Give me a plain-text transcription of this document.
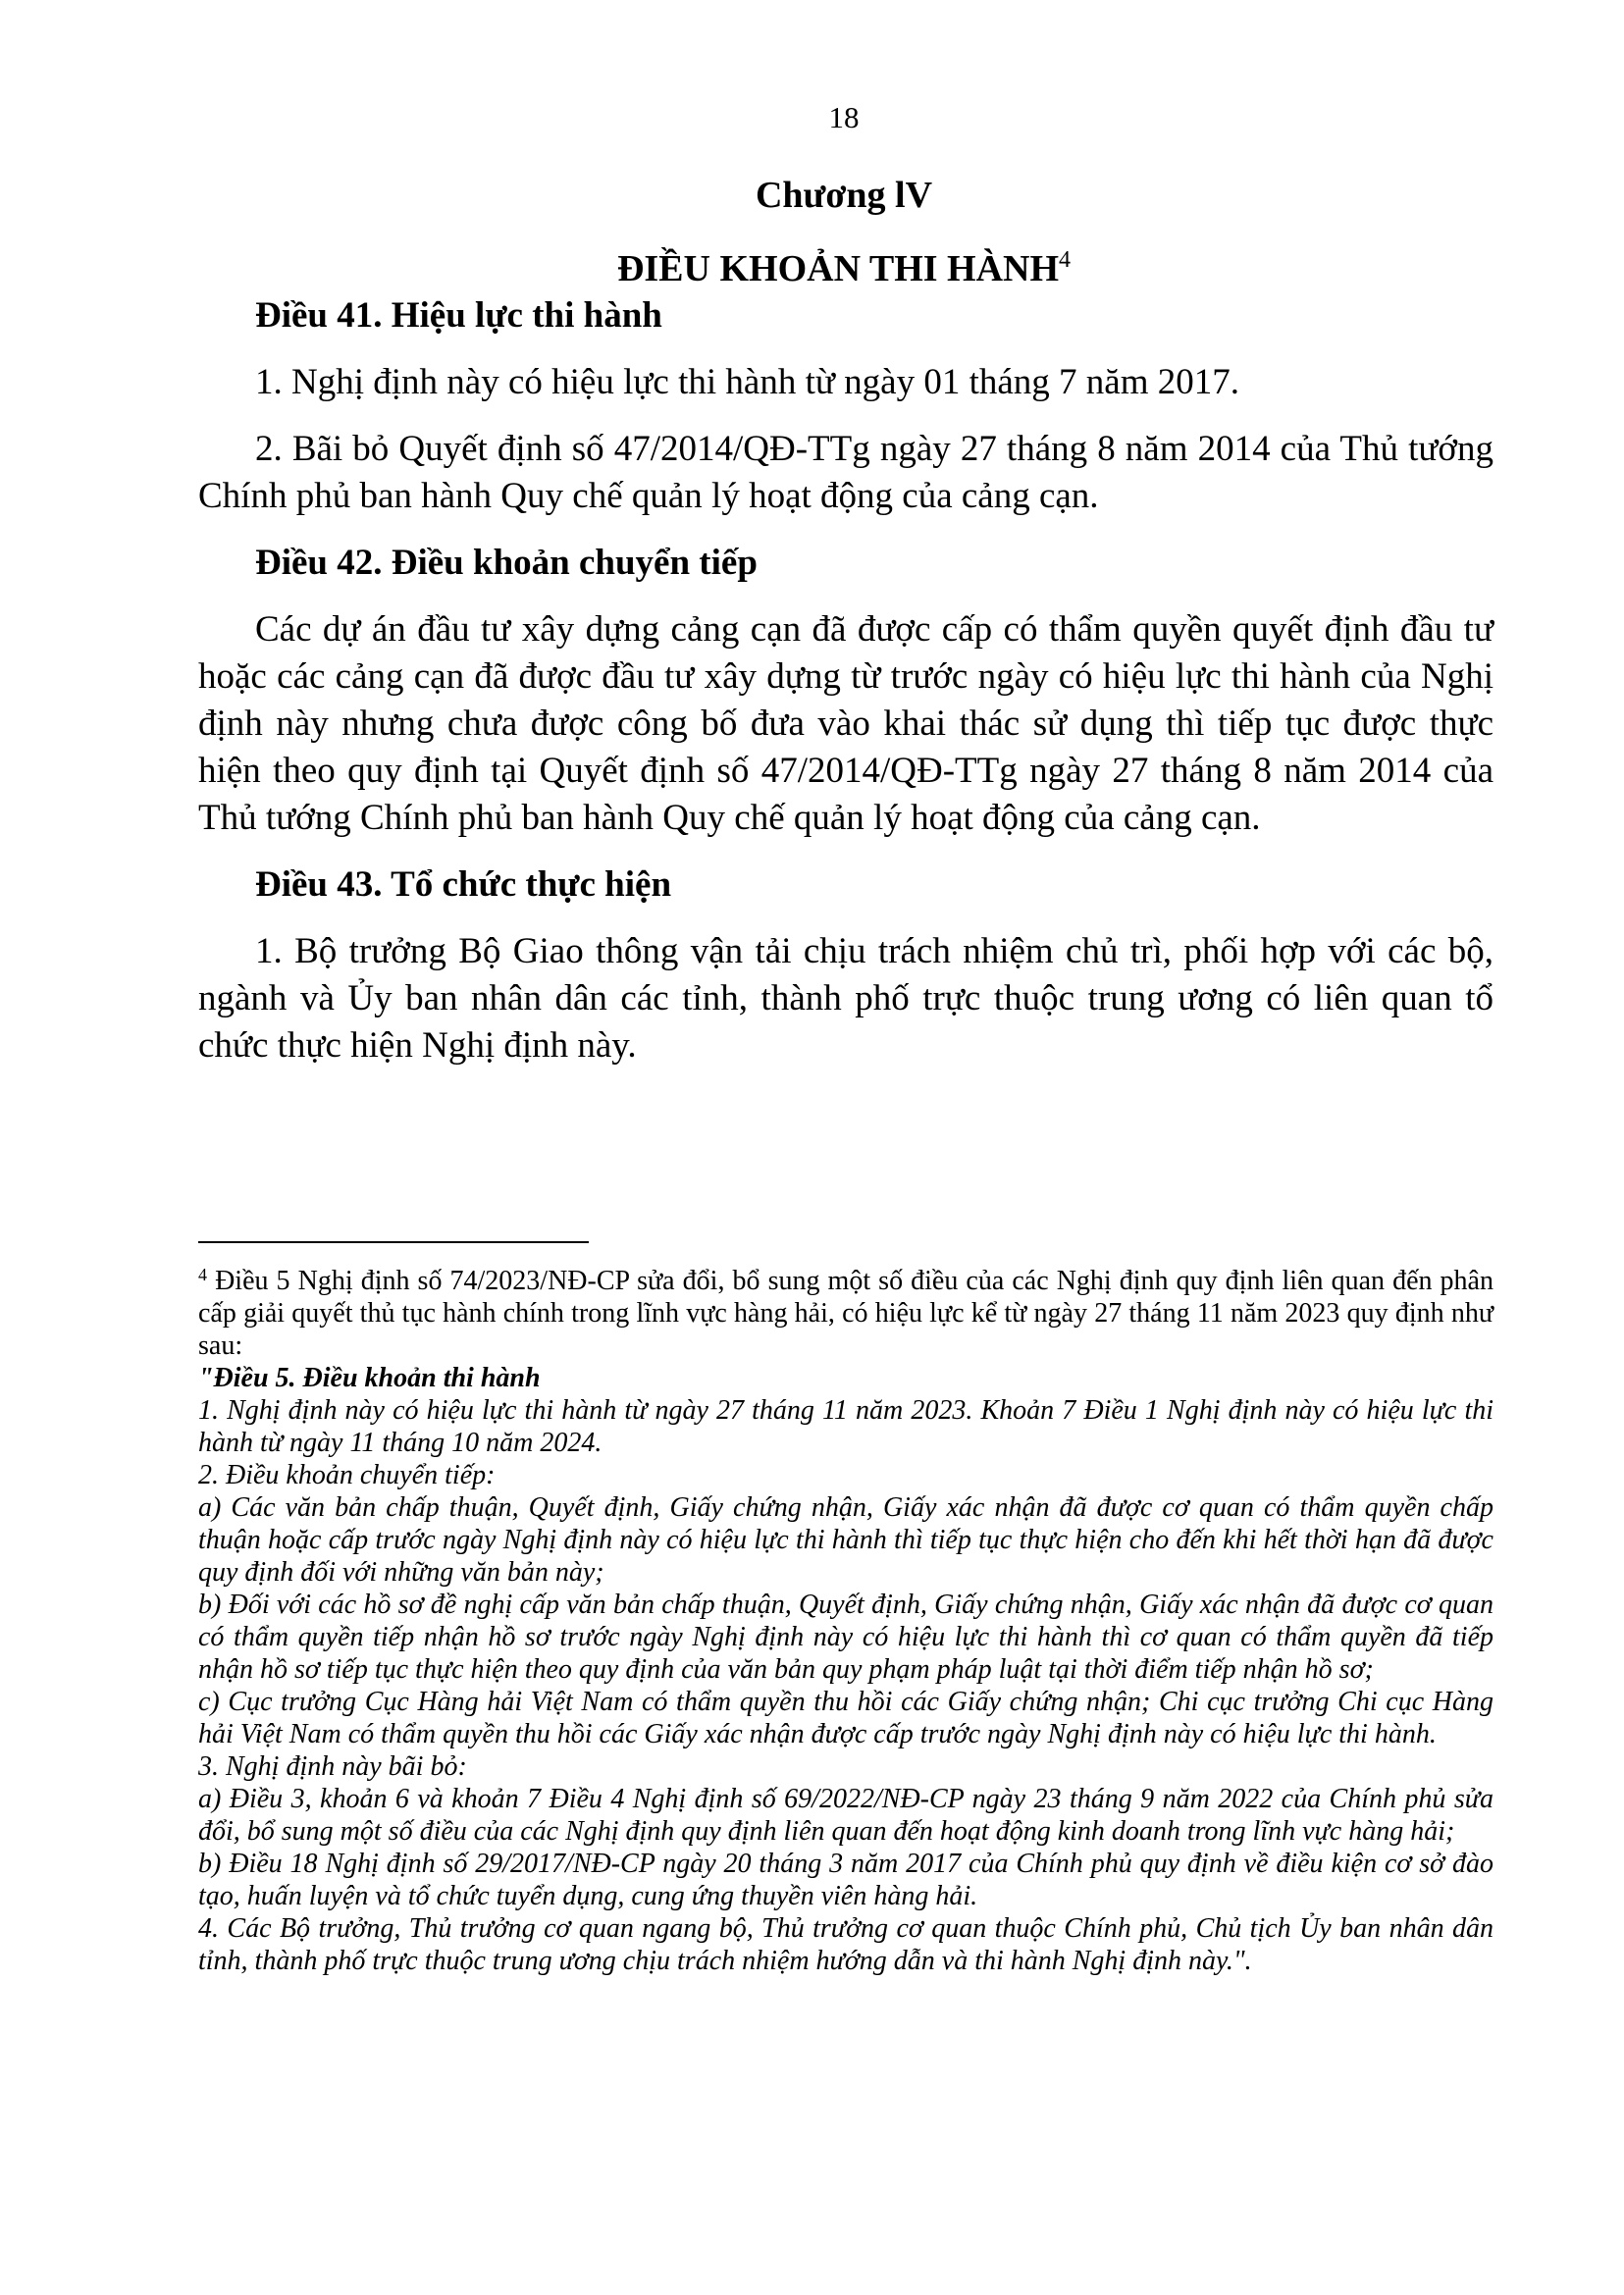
18
Chương lV
ĐIỀU KHOẢN THI HÀNH$^4$
Điều 41. Hiệu lực thi hành

1. Nghị định này có hiệu lực thi hành từ ngày 01 tháng 7 năm 2017.

2. Bãi bỏ Quyết định số 47/2014/QĐ-TTg ngày 27 tháng 8 năm 2014 của Thủ tướng Chính phủ ban hành Quy chế quản lý hoạt động của cảng cạn.

Điều 42. Điều khoản chuyển tiếp

Các dự án đầu tư xây dựng cảng cạn đã được cấp có thẩm quyền quyết định đầu tư hoặc các cảng cạn đã được đầu tư xây dựng từ trước ngày có hiệu lực thi hành của Nghị định này nhưng chưa được công bố đưa vào khai thác sử dụng thì tiếp tục được thực hiện theo quy định tại Quyết định số 47/2014/QĐ-TTg ngày 27 tháng 8 năm 2014 của Thủ tướng Chính phủ ban hành Quy chế quản lý hoạt động của cảng cạn.

Điều 43. Tổ chức thực hiện

1. Bộ trưởng Bộ Giao thông vận tải chịu trách nhiệm chủ trì, phối hợp với các bộ, ngành và Ủy ban nhân dân các tỉnh, thành phố trực thuộc trung ương có liên quan tổ chức thực hiện Nghị định này.

$^4$ Điều 5 Nghị định số 74/2023/NĐ-CP sửa đổi, bổ sung một số điều của các Nghị định quy định liên quan đến phân cấp giải quyết thủ tục hành chính trong lĩnh vực hàng hải, có hiệu lực kể từ ngày 27 tháng 11 năm 2023 quy định như sau:

"Điều 5. Điều khoản thi hành

1. Nghị định này có hiệu lực thi hành từ ngày 27 tháng 11 năm 2023. Khoản 7 Điều 1 Nghị định này có hiệu lực thi hành từ ngày 11 tháng 10 năm 2024.

2. Điều khoản chuyển tiếp:

a) Các văn bản chấp thuận, Quyết định, Giấy chứng nhận, Giấy xác nhận đã được cơ quan có thẩm quyền chấp thuận hoặc cấp trước ngày Nghị định này có hiệu lực thi hành thì tiếp tục thực hiện cho đến khi hết thời hạn đã được quy định đối với những văn bản này;

b) Đối với các hồ sơ đề nghị cấp văn bản chấp thuận, Quyết định, Giấy chứng nhận, Giấy xác nhận đã được cơ quan có thẩm quyền tiếp nhận hồ sơ trước ngày Nghị định này có hiệu lực thi hành thì cơ quan có thẩm quyền đã tiếp nhận hồ sơ tiếp tục thực hiện theo quy định của văn bản quy phạm pháp luật tại thời điểm tiếp nhận hồ sơ;

c) Cục trưởng Cục Hàng hải Việt Nam có thẩm quyền thu hồi các Giấy chứng nhận; Chi cục trưởng Chi cục Hàng hải Việt Nam có thẩm quyền thu hồi các Giấy xác nhận được cấp trước ngày Nghị định này có hiệu lực thi hành.

3. Nghị định này bãi bỏ:

a) Điều 3, khoản 6 và khoản 7 Điều 4 Nghị định số 69/2022/NĐ-CP ngày 23 tháng 9 năm 2022 của Chính phủ sửa đổi, bổ sung một số điều của các Nghị định quy định liên quan đến hoạt động kinh doanh trong lĩnh vực hàng hải;

b) Điều 18 Nghị định số 29/2017/NĐ-CP ngày 20 tháng 3 năm 2017 của Chính phủ quy định về điều kiện cơ sở đào tạo, huấn luyện và tổ chức tuyển dụng, cung ứng thuyền viên hàng hải.

4. Các Bộ trưởng, Thủ trưởng cơ quan ngang bộ, Thủ trưởng cơ quan thuộc Chính phủ, Chủ tịch Ủy ban nhân dân tỉnh, thành phố trực thuộc trung ương chịu trách nhiệm hướng dẫn và thi hành Nghị định này.".
